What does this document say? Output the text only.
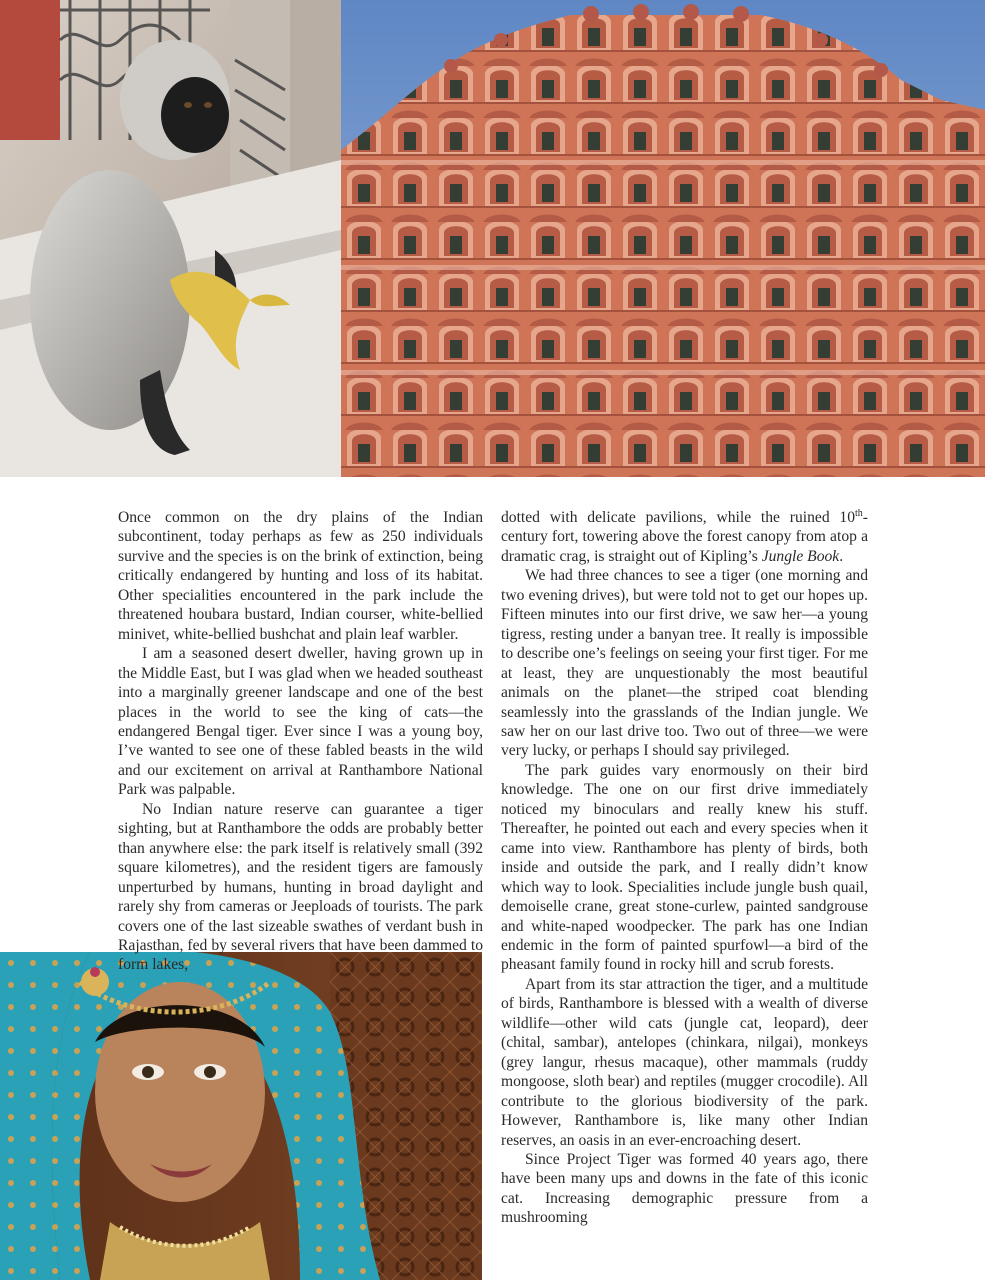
Once common on the dry plains of the Indian subcontinent, today perhaps as few as 250 individuals survive and the species is on the brink of extinction, being critically endangered by hunting and loss of its habitat. Other specialities encountered in the park include the threatened houbara bustard, Indian courser, white-bellied minivet, white-bellied bushchat and plain leaf warbler.

I am a seasoned desert dweller, having grown up in the Middle East, but I was glad when we headed southeast into a marginally greener landscape and one of the best places in the world to see the king of cats—the endangered Bengal tiger. Ever since I was a young boy, I’ve wanted to see one of these fabled beasts in the wild and our excitement on arrival at Ranthambore National Park was palpable.

No Indian nature reserve can guarantee a tiger sighting, but at Ranthambore the odds are probably better than anywhere else: the park itself is relatively small (392 square kilometres), and the resident tigers are famously unperturbed by humans, hunting in broad daylight and rarely shy from cameras or Jeeploads of tourists. The park covers one of the last sizeable swathes of verdant bush in Rajasthan, fed by several rivers that have been dammed to form lakes,

dotted with delicate pavilions, while the ruined 10th-century fort, towering above the forest canopy from atop a dramatic crag, is straight out of Kipling’s Jungle Book.

We had three chances to see a tiger (one morning and two evening drives), but were told not to get our hopes up. Fifteen minutes into our first drive, we saw her—a young tigress, resting under a banyan tree. It really is impossible to describe one’s feelings on seeing your first tiger. For me at least, they are unquestionably the most beautiful animals on the planet—the striped coat blending seamlessly into the grasslands of the Indian jungle. We saw her on our last drive too. Two out of three—we were very lucky, or perhaps I should say privileged.

The park guides vary enormously on their bird knowledge. The one on our first drive immediately noticed my binoculars and really knew his stuff. Thereafter, he pointed out each and every species when it came into view. Ranthambore has plenty of birds, both inside and outside the park, and I really didn’t know which way to look. Specialities include jungle bush quail, demoiselle crane, great stone-curlew, painted sandgrouse and white-naped woodpecker. The park has one Indian endemic in the form of painted spurfowl—a bird of the pheasant family found in rocky hill and scrub forests.

Apart from its star attraction the tiger, and a multitude of birds, Ranthambore is blessed with a wealth of diverse wildlife—other wild cats (jungle cat, leopard), deer (chital, sambar), antelopes (chinkara, nilgai), monkeys (grey langur, rhesus macaque), other mammals (ruddy mongoose, sloth bear) and reptiles (mugger crocodile). All contribute to the glorious biodiversity of the park. However, Ranthambore is, like many other Indian reserves, an oasis in an ever-encroaching desert.

Since Project Tiger was formed 40 years ago, there have been many ups and downs in the fate of this iconic cat. Increasing demographic pressure from a mushrooming
